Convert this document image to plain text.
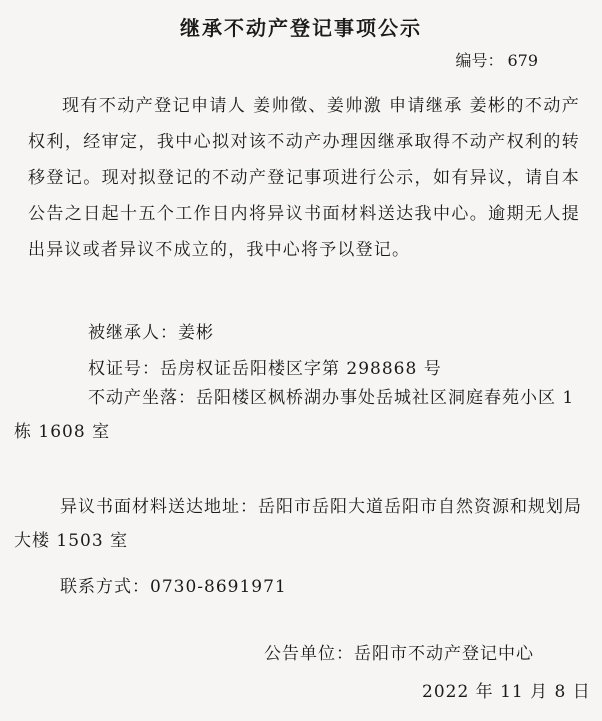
继承不动产登记事项公示
编号： 679
现有不动产登记申请人 姜帅徵、姜帅激 申请继承 姜彬的不动产权利，经审定，我中心拟对该不动产办理因继承取得不动产权利的转移登记。现对拟登记的不动产登记事项进行公示，如有异议，请自本公告之日起十五个工作日内将异议书面材料送达我中心。逾期无人提出异议或者异议不成立的，我中心将予以登记。
被继承人：姜彬
权证号：岳房权证岳阳楼区字第 298868 号
不动产坐落：岳阳楼区枫桥湖办事处岳城社区洞庭春苑小区 1 栋 1608 室
异议书面材料送达地址：岳阳市岳阳大道岳阳市自然资源和规划局大楼 1503 室
联系方式：0730-8691971
公告单位：岳阳市不动产登记中心
2022 年 11 月 8 日
